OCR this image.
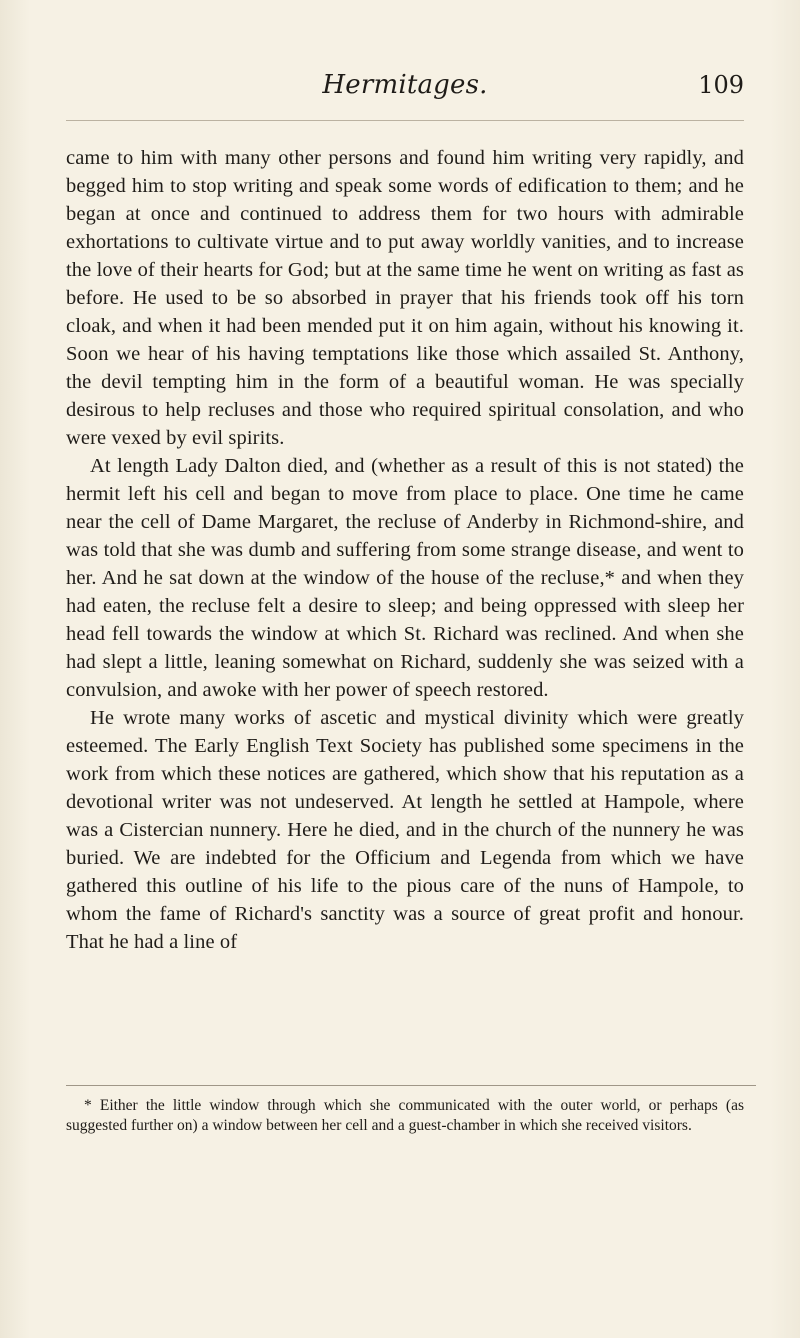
Hermitages.	109

came to him with many other persons and found him writing very rapidly, and begged him to stop writing and speak some words of edification to them; and he began at once and continued to address them for two hours with admirable exhortations to cultivate virtue and to put away worldly vanities, and to increase the love of their hearts for God; but at the same time he went on writing as fast as before. He used to be so absorbed in prayer that his friends took off his torn cloak, and when it had been mended put it on him again, without his knowing it. Soon we hear of his having temptations like those which assailed St. Anthony, the devil tempting him in the form of a beautiful woman. He was specially desirous to help recluses and those who required spiritual consolation, and who were vexed by evil spirits.

At length Lady Dalton died, and (whether as a result of this is not stated) the hermit left his cell and began to move from place to place. One time he came near the cell of Dame Margaret, the recluse of Anderby in Richmond-shire, and was told that she was dumb and suffering from some strange disease, and went to her. And he sat down at the window of the house of the recluse,* and when they had eaten, the recluse felt a desire to sleep; and being oppressed with sleep her head fell towards the window at which St. Richard was reclined. And when she had slept a little, leaning somewhat on Richard, suddenly she was seized with a convulsion, and awoke with her power of speech restored.

He wrote many works of ascetic and mystical divinity which were greatly esteemed. The Early English Text Society has published some specimens in the work from which these notices are gathered, which show that his reputation as a devotional writer was not undeserved. At length he settled at Hampole, where was a Cistercian nunnery. Here he died, and in the church of the nunnery he was buried. We are indebted for the Officium and Legenda from which we have gathered this outline of his life to the pious care of the nuns of Hampole, to whom the fame of Richard's sanctity was a source of great profit and honour. That he had a line of

* Either the little window through which she communicated with the outer world, or perhaps (as suggested further on) a window between her cell and a guest-chamber in which she received visitors.
